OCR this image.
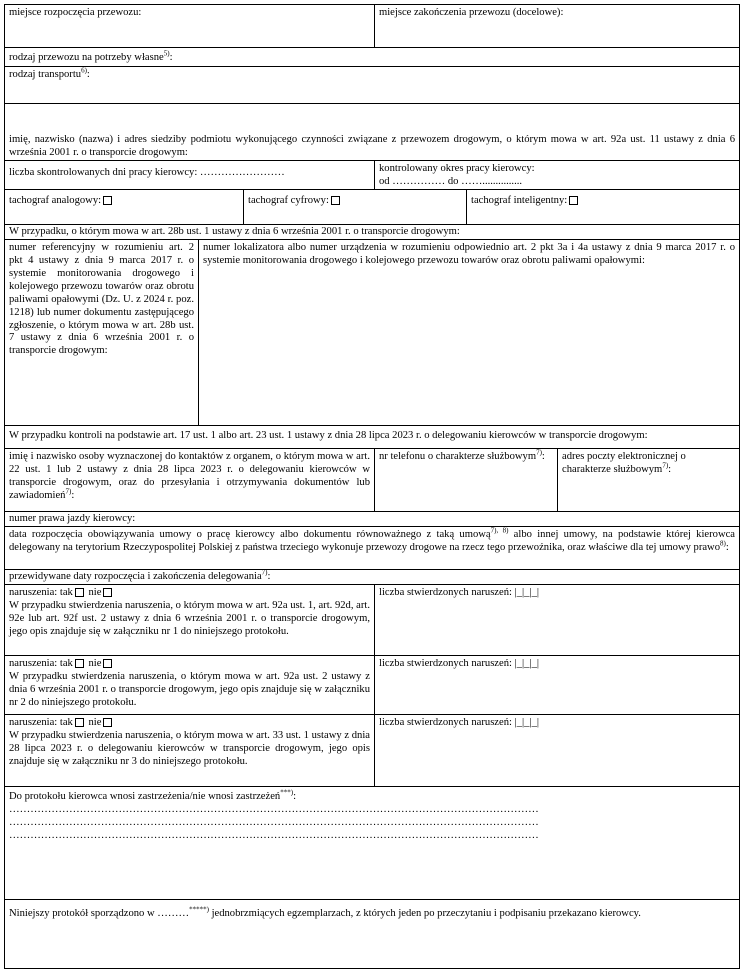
miejsce rozpoczęcia przewozu:	miejsce zakończenia przewozu (docelowe):
rodzaj przewozu na potrzeby własne$^{5)}$:
rodzaj transportu$^{6)}$:
imię, nazwisko (nazwa) i adres siedziby podmiotu wykonującego czynności związane z przewozem drogowym, o którym mowa w art. 92a ust. 11 ustawy z dnia 6 września 2001 r. o transporcie drogowym:
liczba skontrolowanych dni pracy kierowcy: ……………………	kontrolowany okres pracy kierowcy:
od …………… do ……...............
tachograf analogowy:	tachograf cyfrowy:	tachograf inteligentny:
W przypadku, o którym mowa w art. 28b ust. 1 ustawy z dnia 6 września 2001 r. o transporcie drogowym:
numer referencyjny w rozumieniu art. 2 pkt 4 ustawy z dnia 9 marca 2017 r. o systemie monitorowania drogowego i kolejowego przewozu towarów oraz obrotu paliwami opałowymi (Dz. U. z 2024 r. poz. 1218) lub numer dokumentu zastępującego zgłoszenie, o którym mowa w art. 28b ust. 7 ustawy z dnia 6 września 2001 r. o transporcie drogowym:
numer lokalizatora albo numer urządzenia w rozumieniu odpowiednio art. 2 pkt 3a i 4a ustawy z dnia 9 marca 2017 r. o systemie monitorowania drogowego i kolejowego przewozu towarów oraz obrotu paliwami opałowymi:
W przypadku kontroli na podstawie art. 17 ust. 1 albo art. 23 ust. 1 ustawy z dnia 28 lipca 2023 r. o delegowaniu kierowców w transporcie drogowym:
imię i nazwisko osoby wyznaczonej do kontaktów z organem, o którym mowa w art. 22 ust. 1 lub 2 ustawy z dnia 28 lipca 2023 r. o delegowaniu kierowców w transporcie drogowym, oraz do przesyłania i otrzymywania dokumentów lub zawiadomień$^{7)}$:
nr telefonu o charakterze służbowym$^{7)}$:	adres poczty elektronicznej o charakterze służbowym$^{7)}$:
numer prawa jazdy kierowcy:
data rozpoczęcia obowiązywania umowy o pracę kierowcy albo dokumentu równoważnego z taką umową$^{7), 8)}$ albo innej umowy, na podstawie której kierowca delegowany na terytorium Rzeczypospolitej Polskiej z państwa trzeciego wykonuje przewozy drogowe na rzecz tego przewoźnika, oraz właściwe dla tej umowy prawo$^{8)}$:
przewidywane daty rozpoczęcia i zakończenia delegowania$^{7)}$:
naruszenia: tak nie
W przypadku stwierdzenia naruszenia, o którym mowa w art. 92a ust. 1, art. 92d, art. 92e lub art. 92f ust. 2 ustawy z dnia 6 września 2001 r. o transporcie drogowym, jego opis znajduje się w załączniku nr 1 do niniejszego protokołu.
liczba stwierdzonych naruszeń: |_|_|_|
naruszenia: tak nie
W przypadku stwierdzenia naruszenia, o którym mowa w art. 92a ust. 2 ustawy z dnia 6 września 2001 r. o transporcie drogowym, jego opis znajduje się w załączniku nr 2 do niniejszego protokołu.
liczba stwierdzonych naruszeń: |_|_|_|
naruszenia: tak nie
W przypadku stwierdzenia naruszenia, o którym mowa w art. 33 ust. 1 ustawy z dnia 28 lipca 2023 r. o delegowaniu kierowców w transporcie drogowym, jego opis znajduje się w załączniku nr 3 do niniejszego protokołu.
liczba stwierdzonych naruszeń: |_|_|_|
Do protokołu kierowca wnosi zastrzeżenia/nie wnosi zastrzeżeń***):
……………………………………………………………………………………………………………………………………
……………………………………………………………………………………………………………………………………
……………………………………………………………………………………………………………………………………
Niniejszy protokół sporządzono w ………*****) jednobrzmiących egzemplarzach, z których jeden po przeczytaniu i podpisaniu przekazano kierowcy.
